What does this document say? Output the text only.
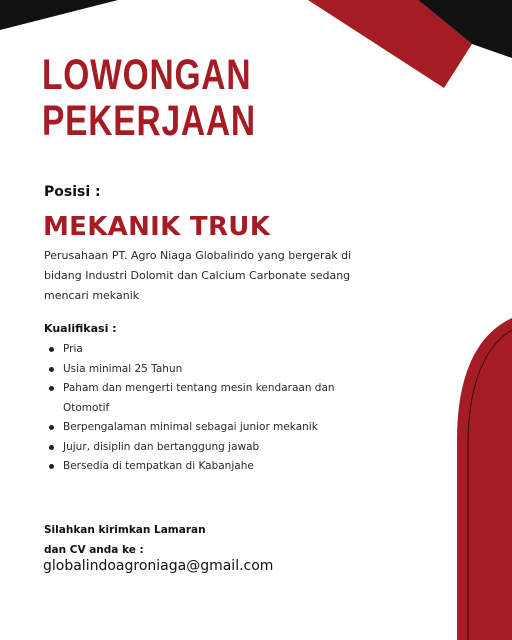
LOWONGAN
PEKERJAAN
Posisi :
MEKANIK TRUK

Perusahaan PT. Agro Niaga Globalindo yang bergerak di bidang Industri Dolomit dan Calcium Carbonate sedang mencari mekanik

Kualifikasi :
Pria
Usia minimal 25 Tahun
Paham dan mengerti tentang mesin kendaraan dan Otomotif
Berpengalaman minimal sebagai junior mekanik
Jujur, disiplin dan bertanggung jawab
Bersedia di tempatkan di Kabanjahe

Silahkan kirimkan Lamaran
dan CV anda ke :

globalindoagroniaga@gmail.com
